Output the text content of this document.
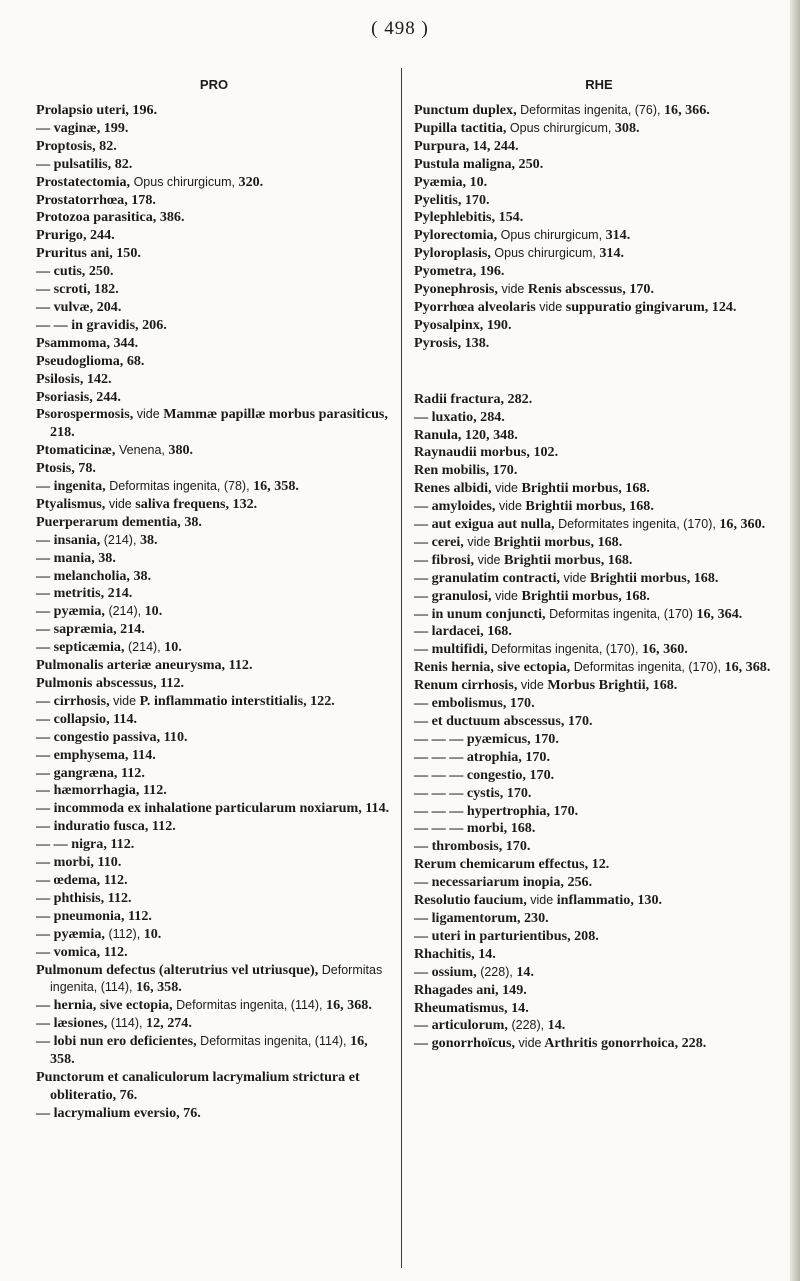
( 498 )
PRO
Prolapsio uteri, 196.
— vaginæ, 199.
Proptosis, 82.
— pulsatilis, 82.
Prostatectomia, Opus chirurgicum, 320.
Prostatorrhœa, 178.
Protozoa parasitica, 386.
Prurigo, 244.
Pruritus ani, 150.
— cutis, 250.
— scroti, 182.
— vulvæ, 204.
— — in gravidis, 206.
Psammoma, 344.
Pseudoglioma, 68.
Psilosis, 142.
Psoriasis, 244.
Psorospermosis, vide Mammæ papillæ morbus parasiticus, 218.
Ptomaticinæ, Venena, 380.
Ptosis, 78.
— ingenita, Deformitas ingenita, (78), 16, 358.
Ptyalismus, vide saliva frequens, 132.
Puerperarum dementia, 38.
— insania, (214), 38.
— mania, 38.
— melancholia, 38.
— metritis, 214.
— pyæmia, (214), 10.
— sapræmia, 214.
— septicæmia, (214), 10.
Pulmonalis arteriæ aneurysma, 112.
Pulmonis abscessus, 112.
— cirrhosis, vide P. inflammatio interstitialis, 122.
— collapsio, 114.
— congestio passiva, 110.
— emphysema, 114.
— gangræna, 112.
— hæmorrhagia, 112.
— incommoda ex inhalatione particularum noxiarum, 114.
— induratio fusca, 112.
— — nigra, 112.
— morbi, 110.
— œdema, 112.
— phthisis, 112.
— pneumonia, 112.
— pyæmia, (112), 10.
— vomica, 112.
Pulmonum defectus (alterutrius vel utriusque), Deformitas ingenita, (114), 16, 358.
— hernia, sive ectopia, Deformitas ingenita, (114), 16, 368.
— læsiones, (114), 12, 274.
— lobi nun ero deficientes, Deformitas ingenita, (114), 16, 358.
Punctorum et canaliculorum lacrymalium strictura et obliteratio, 76.
— lacrymalium eversio, 76.
RHE
Punctum duplex, Deformitas ingenita, (76), 16, 366.
Pupilla tactitia, Opus chirurgicum, 308.
Purpura, 14, 244.
Pustula maligna, 250.
Pyæmia, 10.
Pyelitis, 170.
Pylephlebitis, 154.
Pylorectomia, Opus chirurgicum, 314.
Pyloroplasis, Opus chirurgicum, 314.
Pyometra, 196.
Pyonephrosis, vide Renis abscessus, 170.
Pyorrhœa alveolaris vide suppuratio gingivarum, 124.
Pyosalpinx, 190.
Pyrosis, 138.
Radii fractura, 282.
— luxatio, 284.
Ranula, 120, 348.
Raynaudii morbus, 102.
Ren mobilis, 170.
Renes albidi, vide Brightii morbus, 168.
— amyloides, vide Brightii morbus, 168.
— aut exigua aut nulla, Deformitates ingenita, (170), 16, 360.
— cerei, vide Brightii morbus, 168.
— fibrosi, vide Brightii morbus, 168.
— granulatim contracti, vide Brightii morbus, 168.
— granulosi, vide Brightii morbus, 168.
— in unum conjuncti, Deformitas ingenita, (170) 16, 364.
— lardacei, 168.
— multifidi, Deformitas ingenita, (170), 16, 360.
Renis hernia, sive ectopia, Deformitas ingenita, (170), 16, 368.
Renum cirrhosis, vide Morbus Brightii, 168.
— embolismus, 170.
— et ductuum abscessus, 170.
— — — pyæmicus, 170.
— — — atrophia, 170.
— — — congestio, 170.
— — — cystis, 170.
— — — hypertrophia, 170.
— — — morbi, 168.
— thrombosis, 170.
Rerum chemicarum effectus, 12.
— necessariarum inopia, 256.
Resolutio faucium, vide inflammatio, 130.
— ligamentorum, 230.
— uteri in parturientibus, 208.
Rhachitis, 14.
— ossium, (228), 14.
Rhagades ani, 149.
Rheumatismus, 14.
— articulorum, (228), 14.
— gonorrhoïcus, vide Arthritis gonorrhoica, 228.
